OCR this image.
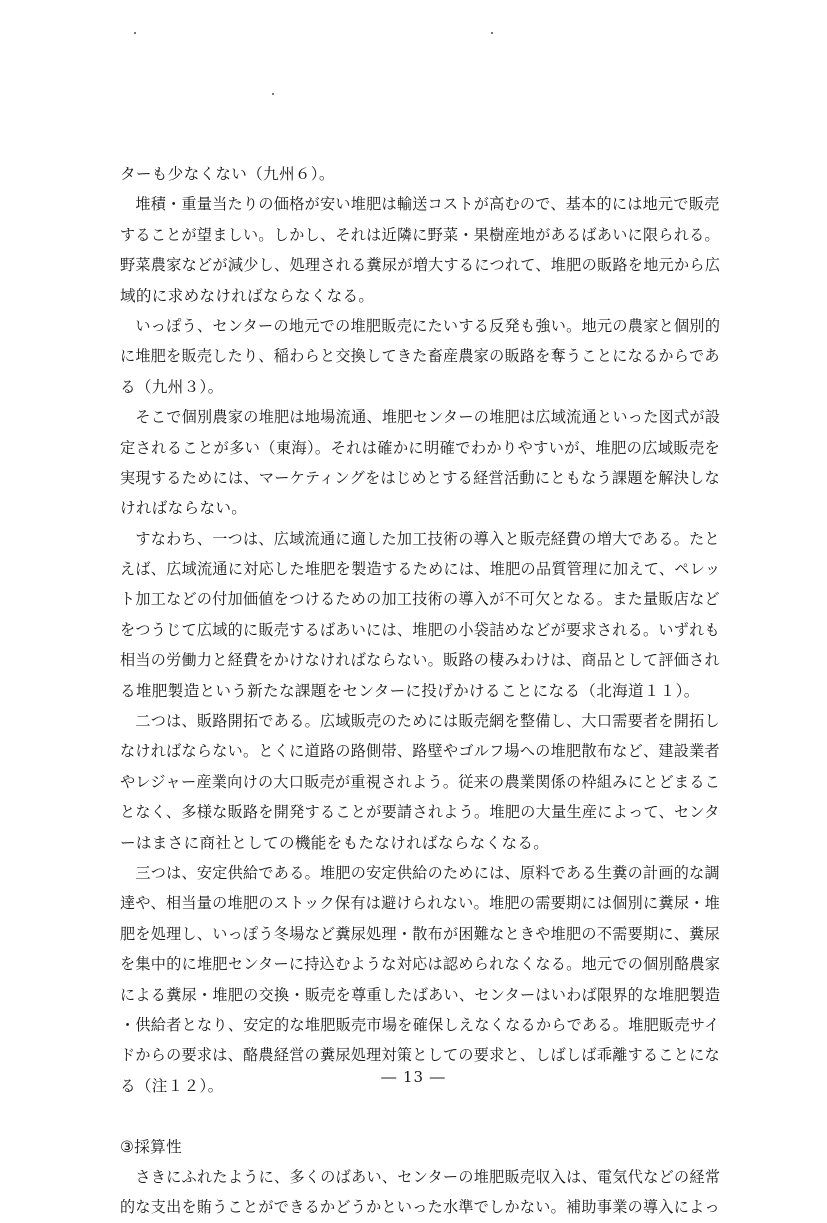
ターも少なくない（九州６）。
　堆積・重量当たりの価格が安い堆肥は輸送コストが高むので、基本的には地元で販売
することが望ましい。しかし、それは近隣に野菜・果樹産地があるばあいに限られる。
野菜農家などが減少し、処理される糞尿が増大するにつれて、堆肥の販路を地元から広
域的に求めなければならなくなる。
　いっぽう、センターの地元での堆肥販売にたいする反発も強い。地元の農家と個別的
に堆肥を販売したり、稲わらと交換してきた畜産農家の販路を奪うことになるからであ
る（九州３）。
　そこで個別農家の堆肥は地場流通、堆肥センターの堆肥は広域流通といった図式が設
定されることが多い（東海）。それは確かに明確でわかりやすいが、堆肥の広域販売を
実現するためには、マーケティングをはじめとする経営活動にともなう課題を解決しな
ければならない。
　すなわち、一つは、広域流通に適した加工技術の導入と販売経費の増大である。たと
えば、広域流通に対応した堆肥を製造するためには、堆肥の品質管理に加えて、ペレッ
ト加工などの付加価値をつけるための加工技術の導入が不可欠となる。また量販店など
をつうじて広域的に販売するばあいには、堆肥の小袋詰めなどが要求される。いずれも
相当の労働力と経費をかけなければならない。販路の棲みわけは、商品として評価され
る堆肥製造という新たな課題をセンターに投げかけることになる（北海道１１）。
　二つは、販路開拓である。広域販売のためには販売網を整備し、大口需要者を開拓し
なければならない。とくに道路の路側帯、路壁やゴルフ場への堆肥散布など、建設業者
やレジャー産業向けの大口販売が重視されよう。従来の農業関係の枠組みにとどまるこ
となく、多様な販路を開発することが要請されよう。堆肥の大量生産によって、センタ
ーはまさに商社としての機能をもたなければならなくなる。
　三つは、安定供給である。堆肥の安定供給のためには、原料である生糞の計画的な調
達や、相当量の堆肥のストック保有は避けられない。堆肥の需要期には個別に糞尿・堆
肥を処理し、いっぽう冬場など糞尿処理・散布が困難なときや堆肥の不需要期に、糞尿
を集中的に堆肥センターに持込むような対応は認められなくなる。地元での個別酪農家
による糞尿・堆肥の交換・販売を尊重したばあい、センターはいわば限界的な堆肥製造
・供給者となり、安定的な堆肥販売市場を確保しえなくなるからである。堆肥販売サイ
ドからの要求は、酪農経営の糞尿処理対策としての要求と、しばしば乖離することにな
る（注１２）。
③採算性
　さきにふれたように、多くのばあい、センターの堆肥販売収入は、電気代などの経常
的な支出を賄うことができるかどうかといった水準でしかない。補助事業の導入によっ
― 13 ―
